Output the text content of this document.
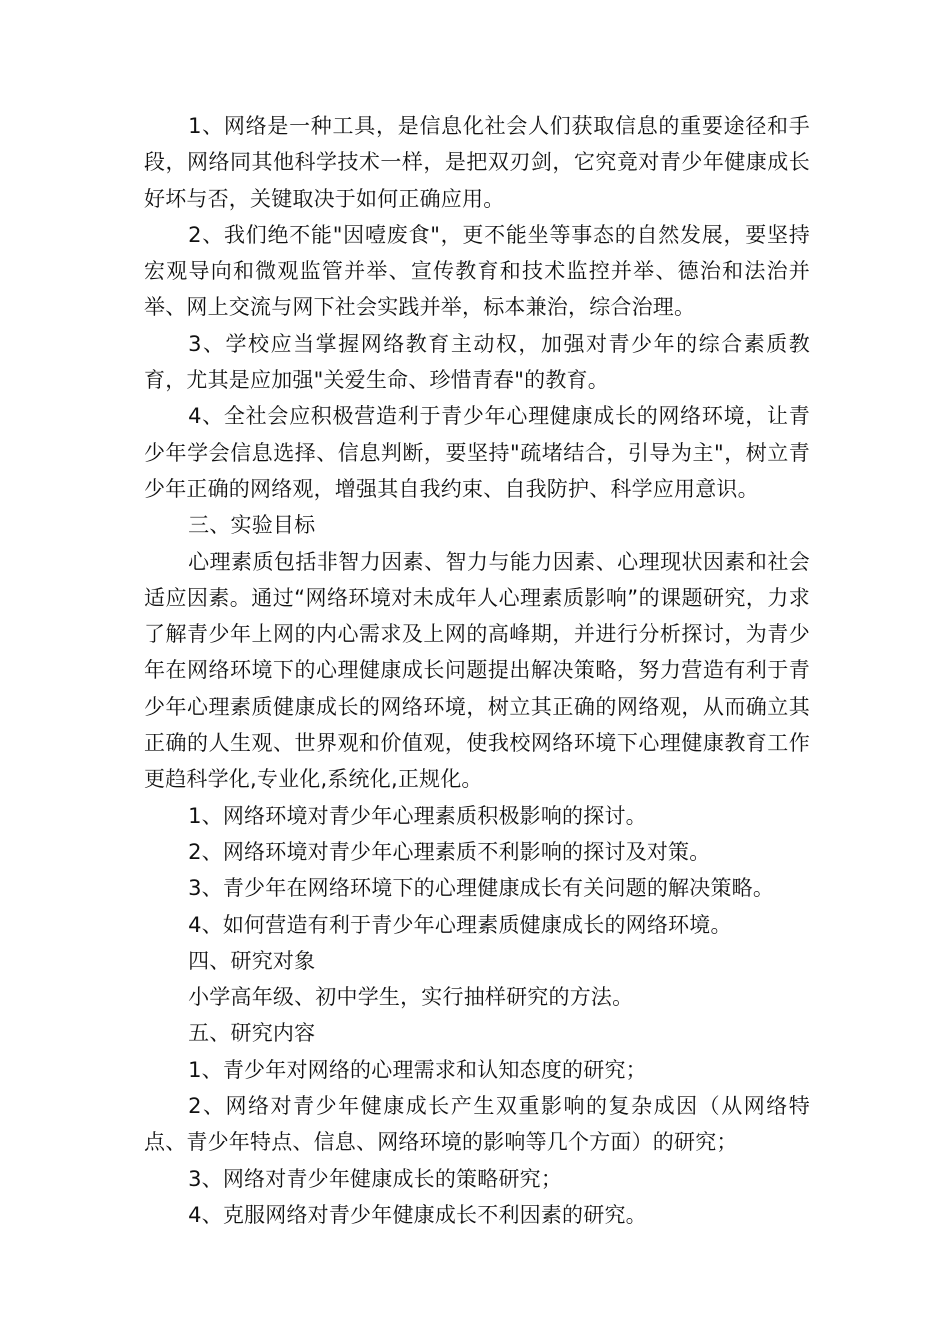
1、网络是一种工具，是信息化社会人们获取信息的重要途径和手段，网络同其他科学技术一样，是把双刃剑，它究竟对青少年健康成长好坏与否，关键取决于如何正确应用。

2、我们绝不能"因噎废食"，更不能坐等事态的自然发展，要坚持宏观导向和微观监管并举、宣传教育和技术监控并举、德治和法治并举、网上交流与网下社会实践并举，标本兼治，综合治理。

3、学校应当掌握网络教育主动权，加强对青少年的综合素质教育，尤其是应加强"关爱生命、珍惜青春"的教育。

4、全社会应积极营造利于青少年心理健康成长的网络环境，让青少年学会信息选择、信息判断，要坚持"疏堵结合，引导为主"，树立青少年正确的网络观，增强其自我约束、自我防护、科学应用意识。

三、实验目标

心理素质包括非智力因素、智力与能力因素、心理现状因素和社会适应因素。通过“网络环境对未成年人心理素质影响”的课题研究，力求了解青少年上网的内心需求及上网的高峰期，并进行分析探讨，为青少年在网络环境下的心理健康成长问题提出解决策略，努力营造有利于青少年心理素质健康成长的网络环境，树立其正确的网络观，从而确立其正确的人生观、世界观和价值观，使我校网络环境下心理健康教育工作更趋科学化,专业化,系统化,正规化。

1、网络环境对青少年心理素质积极影响的探讨。

2、网络环境对青少年心理素质不利影响的探讨及对策。

3、青少年在网络环境下的心理健康成长有关问题的解决策略。

4、如何营造有利于青少年心理素质健康成长的网络环境。

四、研究对象

小学高年级、初中学生，实行抽样研究的方法。

五、研究内容

1、青少年对网络的心理需求和认知态度的研究；

2、网络对青少年健康成长产生双重影响的复杂成因（从网络特点、青少年特点、信息、网络环境的影响等几个方面）的研究；

3、网络对青少年健康成长的策略研究；

4、克服网络对青少年健康成长不利因素的研究。
